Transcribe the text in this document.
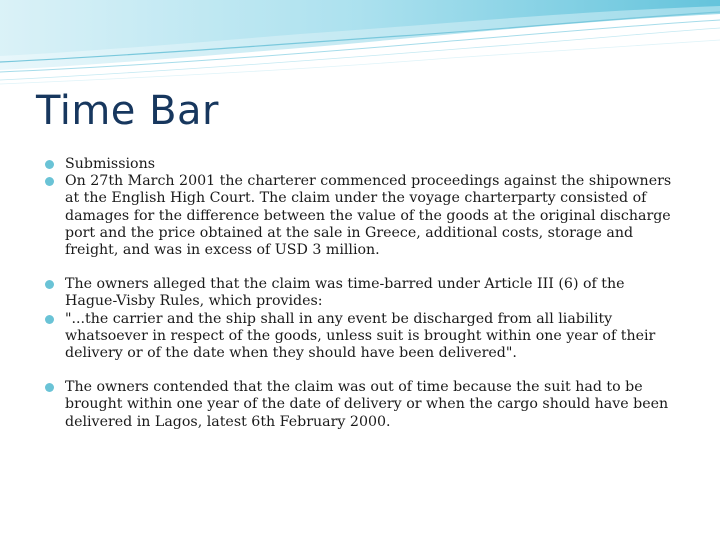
Time Bar
Submissions
On 27th March 2001 the charterer commenced proceedings against the shipowners at the English High Court. The claim under the voyage charterparty consisted of damages for the difference between the value of the goods at the original discharge port and the price obtained at the sale in Greece, additional costs, storage and freight, and was in excess of USD 3 million.
The owners alleged that the claim was time-barred under Article III (6) of the Hague-Visby Rules, which provides:
"...the carrier and the ship shall in any event be discharged from all liability whatsoever in respect of the goods, unless suit is brought within one year of their delivery or of the date when they should have been delivered".
The owners contended that the claim was out of time because the suit had to be brought within one year of the date of delivery or when the cargo should have been delivered in Lagos, latest 6th February 2000.
